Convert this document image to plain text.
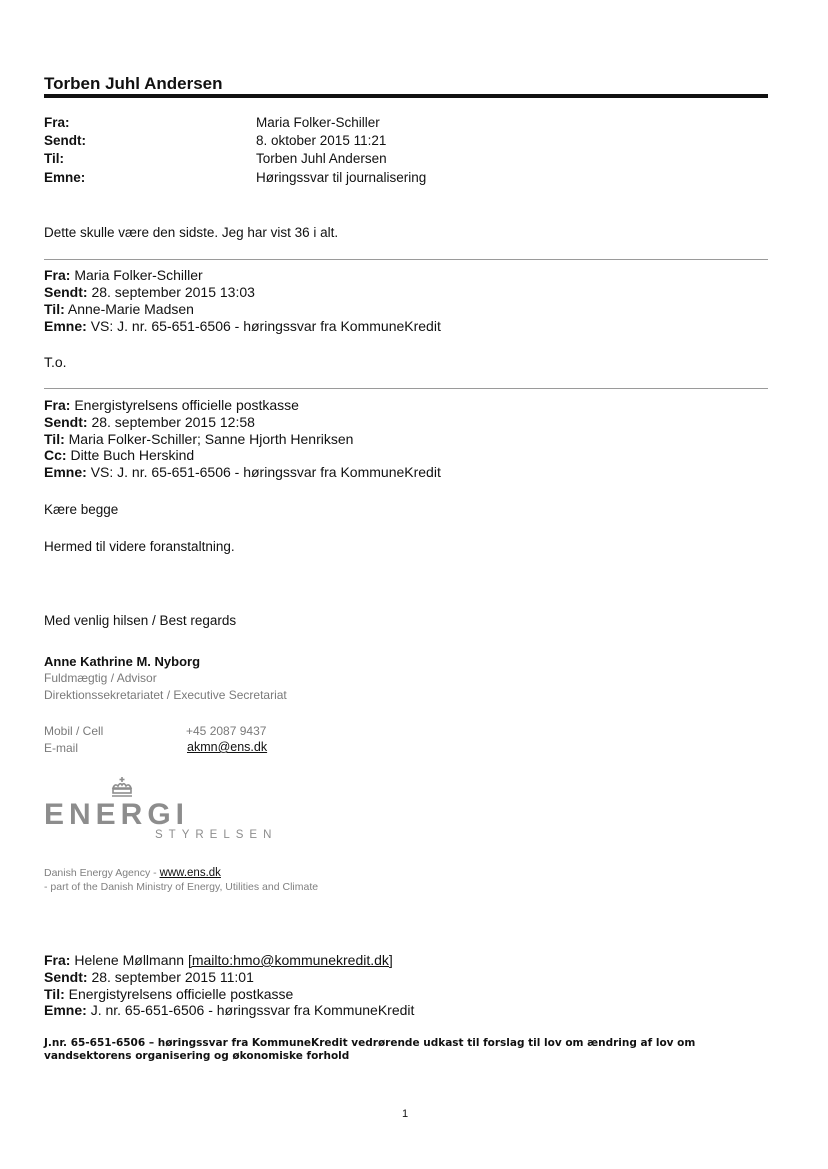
Torben Juhl Andersen
Fra:	Maria Folker-Schiller
Sendt:	8. oktober 2015 11:21
Til:	Torben Juhl Andersen
Emne:	Høringssvar til journalisering
Dette skulle være den sidste. Jeg har vist 36 i alt.
Fra: Maria Folker-Schiller
Sendt: 28. september 2015 13:03
Til: Anne-Marie Madsen
Emne: VS: J. nr. 65-651-6506 - høringssvar fra KommuneKredit
T.o.
Fra: Energistyrelsens officielle postkasse
Sendt: 28. september 2015 12:58
Til: Maria Folker-Schiller; Sanne Hjorth Henriksen
Cc: Ditte Buch Herskind
Emne: VS: J. nr. 65-651-6506 - høringssvar fra KommuneKredit
Kære begge
Hermed til videre foranstaltning.
Med venlig hilsen / Best regards
Anne Kathrine M. Nyborg
Fuldmægtig / Advisor
Direktionssekretariatet / Executive Secretariat
Mobil / Cell	+45 2087 9437
E-mail	akmn@ens.dk
ENERGI
STYRELSEN
Danish Energy Agency - www.ens.dk
- part of the Danish Ministry of Energy, Utilities and Climate
Fra: Helene Møllmann [mailto:hmo@kommunekredit.dk]
Sendt: 28. september 2015 11:01
Til: Energistyrelsens officielle postkasse
Emne: J. nr. 65-651-6506 - høringssvar fra KommuneKredit
J.nr. 65-651-6506 – høringssvar fra KommuneKredit vedrørende udkast til forslag til lov om ændring af lov om vandsektorens organisering og økonomiske forhold
1
